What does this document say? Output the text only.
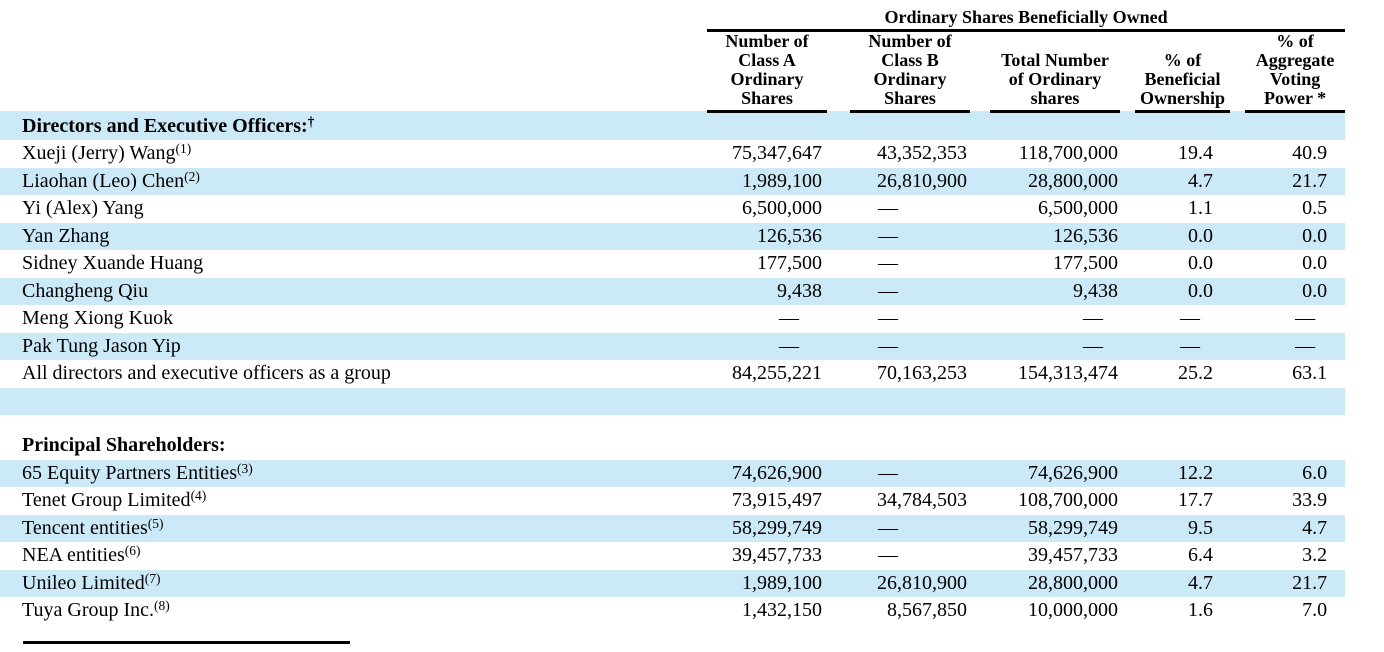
	Ordinary Shares Beneficially Owned								
	Number of
Class A
Ordinary
Shares		Number of
Class B
Ordinary
Shares		Total Number
of Ordinary
shares		% of
Beneficial
Ownership		% of
Aggregate
Voting
Power *
Directors and Executive Officers:†
Xueji (Jerry) Wang$^{(1)}$	75,347,647		43,352,353		118,700,000		19.4		40.9
Liaohan (Leo) Chen$^{(2)}$	1,989,100		26,810,900		28,800,000		4.7		21.7
Yi (Alex) Yang	6,500,000		—		6,500,000		1.1		0.5
Yan Zhang	126,536		—		126,536		0.0		0.0
Sidney Xuande Huang	177,500		—		177,500		0.0		0.0
Changheng Qiu	9,438		—		9,438		0.0		0.0
Meng Xiong Kuok	—		—		—		—		—
Pak Tung Jason Yip	—		—		—		—		—
All directors and executive officers as a group	84,255,221		70,163,253		154,313,474		25.2		63.1

Principal Shareholders:									
65 Equity Partners Entities$^{(3)}$	74,626,900		—		74,626,900		12.2		6.0
Tenet Group Limited$^{(4)}$	73,915,497		34,784,503		108,700,000		17.7		33.9
Tencent entities$^{(5)}$	58,299,749		—		58,299,749		9.5		4.7
NEA entities$^{(6)}$	39,457,733		—		39,457,733		6.4		3.2
Unileo Limited$^{(7)}$	1,989,100		26,810,900		28,800,000		4.7		21.7
Tuya Group Inc.$^{(8)}$	1,432,150		8,567,850		10,000,000		1.6		7.0
